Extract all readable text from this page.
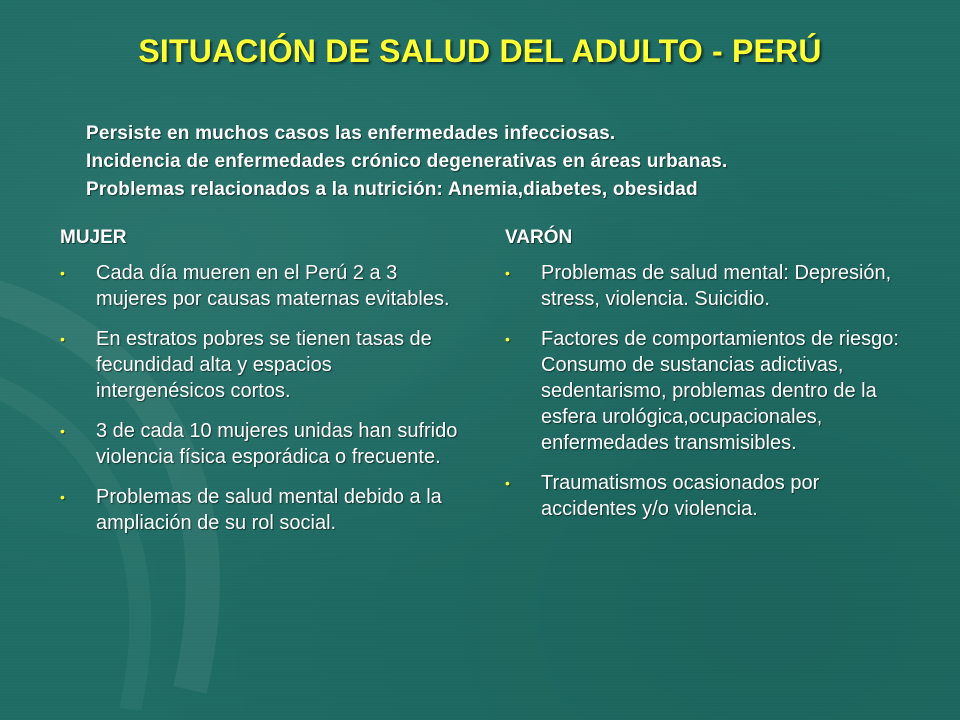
SITUACIÓN DE SALUD DEL ADULTO - PERÚ
Persiste en muchos casos las enfermedades infecciosas.
Incidencia de enfermedades crónico degenerativas en áreas urbanas.
Problemas relacionados a la nutrición: Anemia,diabetes, obesidad
MUJER
•	Cada día mueren en el Perú 2 a 3 mujeres por causas maternas evitables.
•	En estratos pobres se tienen tasas de fecundidad alta y espacios intergenésicos cortos.
•	3 de cada 10 mujeres unidas han sufrido violencia física esporádica o frecuente.
•	Problemas de salud mental debido a la ampliación de su rol social.
VARÓN
•	Problemas de salud mental: Depresión, stress, violencia. Suicidio.
•	Factores de comportamientos de riesgo: Consumo de sustancias adictivas, sedentarismo, problemas dentro de la esfera urológica,ocupacionales, enfermedades transmisibles.
•	Traumatismos ocasionados por accidentes y/o violencia.
